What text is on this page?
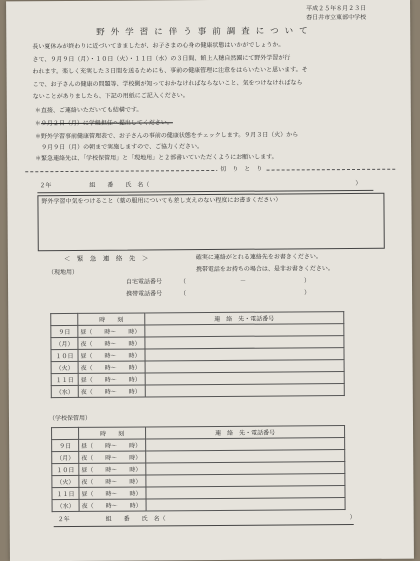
平成２５年８月２３日
春日井市立東部中学校
野外学習に伴う事前調査について
長い夏休みが終わりに近づいてきましたが、お子さまの心身の健康状態はいかがでしょうか。
さて、９月９日（月）・１０日（火）・１１日（水）の３日間、館上人穂自然園にて野外学習が行
われます。楽しく充実した３日間を送るためにも、事前の健康管理に注意をはらいたいと思います。そ
こで、お子さんの健康の問題等、学校側が知っておかなければならないこと、気をつけなければなら
ないことがありましたら、下記の用紙にご記入ください。
＊
＊
＊
＊
直接、ご連絡いただいても結構です。
９月２日（月）に学級担任へ提出してください。
野外学習事前健康管理表で、お子さんの事前の健康状態をチェックします。９月３日（火）から
９月９日（月）の朝まで実施しますので、ご協力ください。
緊急連絡先は、「学校保管用」と「現地用」と２部書いていただくようにお願いします。
切　り　と　り
２年	組　　番　　氏　名（	）
野外学習中気をつけること（薬の服用についても差し支えのない程度にお書きください）
＜　緊　急　連　絡　先　＞	確実に連絡がとれる連絡先をお書きください。
携帯電話をお持ちの場合は、是非お書きください。
（現地用）
自宅電話番号	（	－	）
携帯電話番号	（	）
	時　　刻	連　絡　先・電話番号
９日	昼（　　時～　　時）	
（月）	夜（　　時～　　時）	
１０日	昼（　　時～　　時）	
（火）	夜（　　時～　　時）	
１１日	昼（　　時～　　時）	
（水）	夜（　　時～　　時）	
（学校保管用）
	時　　刻	連　絡　先・電話番号
９日	昼（　　時～　　時）	
（月）	夜（　　時～　　時）	
１０日	昼（　　時～　　時）	
（火）	夜（　　時～　　時）	
１１日	昼（　　時～　　時）	
（水）	夜（　　時～　　時）	
２年	組　　番　　氏　名（	）
